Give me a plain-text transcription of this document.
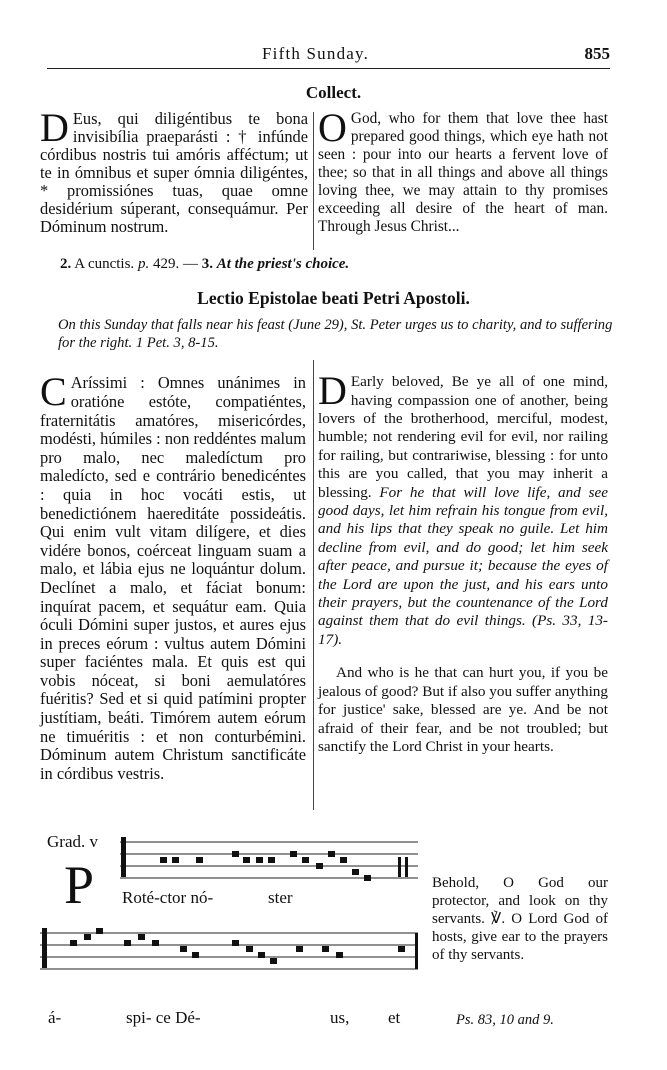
Fifth Sunday.	855
Collect.

D Eus, qui diligéntibus te bona invisibília praeparásti : † infúnde córdibus nostris tui amóris afféctum; ut te in ómnibus et super ómnia diligéntes, * promissiónes tuas, quae omne desidérium súperant, consequámur. Per Dóminum nostrum.

O God, who for them that love thee hast prepared good things, which eye hath not seen : pour into our hearts a fervent love of thee; so that in all things and above all things loving thee, we may attain to thy promises exceeding all desire of the heart of man. Through Jesus Christ...

2. A cunctis. p. 429. — 3. At the priest's choice.
Lectio Epistolae beati Petri Apostoli.
On this Sunday that falls near his feast (June 29), St. Peter urges us to charity, and to suffering for the right. 1 Pet. 3, 8-15.

C Aríssimi : Omnes unánimes in oratióne estóte, compatiéntes, fraternitátis amatóres, misericórdes, modésti, húmiles : non reddéntes malum pro malo, nec maledíctum pro maledícto, sed e contrário benedicéntes : quia in hoc vocáti estis, ut benedictiónem haereditáte possideátis. Qui enim vult vitam dilígere, et dies vidére bonos, coérceat linguam suam a malo, et lábia ejus ne loquántur dolum. Declínet a malo, et fáciat bonum: inquírat pacem, et sequátur eam. Quia óculi Dómini super justos, et aures ejus in preces eórum : vultus autem Dómini super faciéntes mala. Et quis est qui vobis nóceat, si boni aemulatóres fuéritis? Sed et si quid patímini propter justítiam, beáti. Timórem autem eórum ne timuéritis : et non conturbémini. Dóminum autem Christum sanctificáte in córdibus vestris.

D Early beloved, Be ye all of one mind, having compassion one of another, being lovers of the brotherhood, merciful, modest, humble; not rendering evil for evil, nor railing for railing, but contrariwise, blessing : for unto this are you called, that you may inherit a blessing. For he that will love life, and see good days, let him refrain his tongue from evil, and his lips that they speak no guile. Let him decline from evil, and do good; let him seek after peace, and pursue it; because the eyes of the Lord are upon the just, and his ears unto their prayers, but the countenance of the Lord against them that do evil things. (Ps. 33, 13-17).

And who is he that can hurt you, if you be jealous of good? But if also you suffer anything for justice' sake, blessed are ye. And be not afraid of their fear, and be not troubled; but sanctify the Lord Christ in your hearts.

Grad. v
P Roté-ctor nó-	ster
á-	spi- ce Dé-	us, et
Behold, O God our protector, and look on thy servants. ℣. O Lord God of hosts, give ear to the prayers of thy servants.
Ps. 83, 10 and 9.
